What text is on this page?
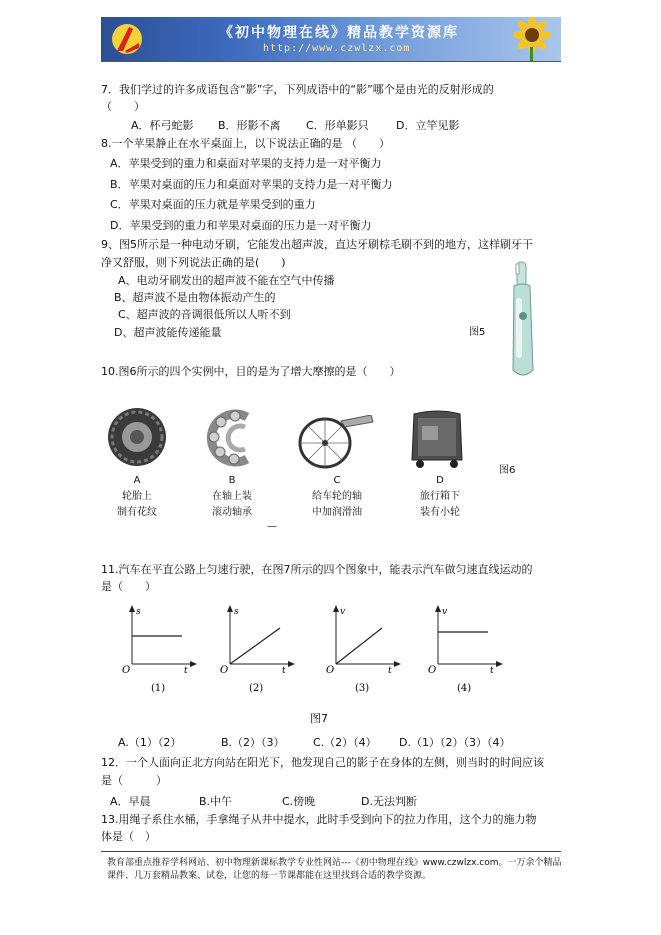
《初中物理在线》精品教学资源库
http://www.czwlzx.com
7．我们学过的许多成语包含“影”字，下列成语中的“影”哪个是由光的反射形成的
（　　）
A．杯弓蛇影 B．形影不离 C．形单影只 D．立竿见影
8.一个苹果静止在水平桌面上，以下说法正确的是 （　　）
A．苹果受到的重力和桌面对苹果的支持力是一对平衡力
B．苹果对桌面的压力和桌面对苹果的支持力是一对平衡力
C．苹果对桌面的压力就是苹果受到的重力
D．苹果受到的重力和苹果对桌面的压力是一对平衡力
9、图5所示是一种电动牙刷，它能发出超声波，直达牙刷棕毛刷不到的地方，这样刷牙干
净又舒服，则下列说法正确的是(　　)
A、电动牙刷发出的超声波不能在空气中传播
B、超声波不是由物体振动产生的
C、超声波的音调很低所以人听不到
D、超声波能传递能量	图5
10.图6所示的四个实例中，目的是为了增大摩擦的是（　　）
图6
A
轮胎上
制有花纹
B
在轴上装
滚动轴承
C
给车轮的轴
中加润滑油
D
旅行箱下
装有小轮
—
11.汽车在平直公路上匀速行驶，在图7所示的四个图象中，能表示汽车做匀速直线运动的
是（　　）
s
O	t
(1)
s
O	t
(2)
v
O	t
(3)
v
O	t
(4)
图7
A.（1）（2）	B.（2）（3）	C.（2）（4） D.（1）（2）（3）（4）
12．一个人面向正北方向站在阳光下，他发现自己的影子在身体的左侧，则当时的时间应该
是（　　　）
A．早晨	B.中午	C.傍晚	D.无法判断
13.用绳子系住水桶，手拿绳子从井中提水，此时手受到向下的拉力作用，这个力的施力物
体是（　）
教育部重点推荐学科网站、初中物理新课标教学专业性网站---《初中物理在线》www.czwlzx.com。一万余个精品课件、几万套精品教案、试卷，让您的每一节课都能在这里找到合适的教学资源。
